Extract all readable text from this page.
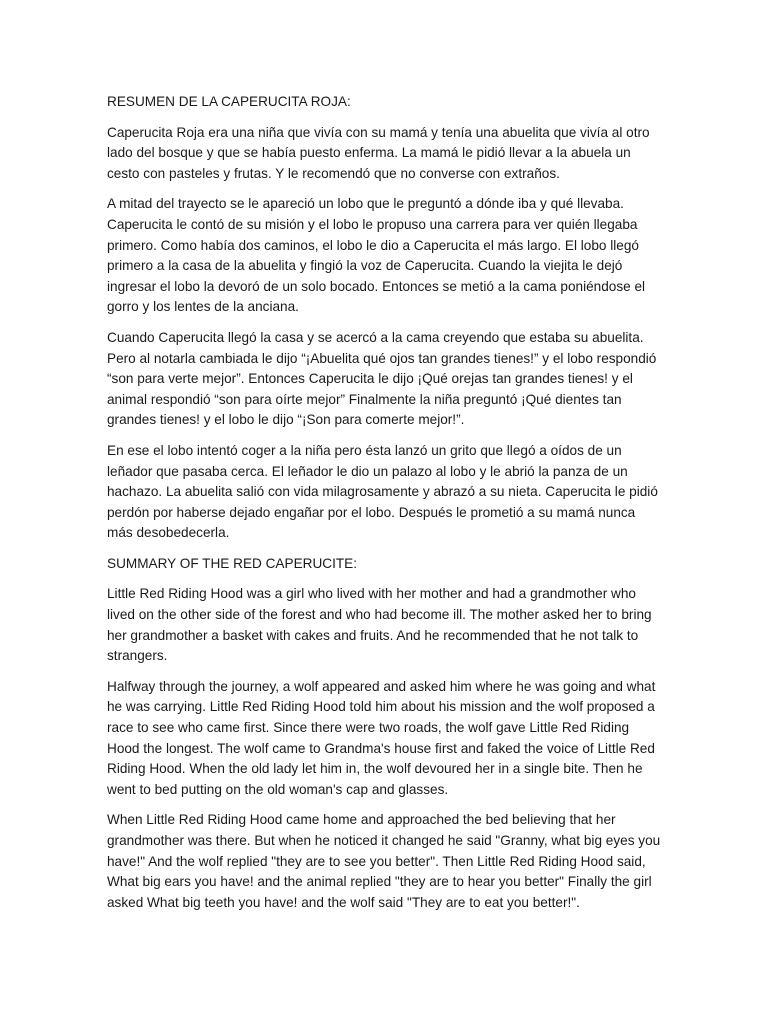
RESUMEN DE LA CAPERUCITA ROJA:

Caperucita Roja era una niña que vivía con su mamá y tenía una abuelita que vivía al otro lado del bosque y que se había puesto enferma. La mamá le pidió llevar a la abuela un cesto con pasteles y frutas. Y le recomendó que no converse con extraños.

A mitad del trayecto se le apareció un lobo que le preguntó a dónde iba y qué llevaba. Caperucita le contó de su misión y el lobo le propuso una carrera para ver quién llegaba primero. Como había dos caminos, el lobo le dio a Caperucita el más largo. El lobo llegó primero a la casa de la abuelita y fingió la voz de Caperucita. Cuando la viejita le dejó ingresar el lobo la devoró de un solo bocado. Entonces se metió a la cama poniéndose el gorro y los lentes de la anciana.

Cuando Caperucita llegó la casa y se acercó a la cama creyendo que estaba su abuelita. Pero al notarla cambiada le dijo “¡Abuelita qué ojos tan grandes tienes!” y el lobo respondió “son para verte mejor”. Entonces Caperucita le dijo ¡Qué orejas tan grandes tienes! y el animal respondió “son para oírte mejor” Finalmente la niña preguntó ¡Qué dientes tan grandes tienes! y el lobo le dijo “¡Son para comerte mejor!”.

En ese el lobo intentó coger a la niña pero ésta lanzó un grito que llegó a oídos de un leñador que pasaba cerca. El leñador le dio un palazo al lobo y le abrió la panza de un hachazo. La abuelita salió con vida milagrosamente y abrazó a su nieta. Caperucita le pidió perdón por haberse dejado engañar por el lobo. Después le prometió a su mamá nunca más desobedecerla.

SUMMARY OF THE RED CAPERUCITE:

Little Red Riding Hood was a girl who lived with her mother and had a grandmother who lived on the other side of the forest and who had become ill. The mother asked her to bring her grandmother a basket with cakes and fruits. And he recommended that he not talk to strangers.

Halfway through the journey, a wolf appeared and asked him where he was going and what he was carrying. Little Red Riding Hood told him about his mission and the wolf proposed a race to see who came first. Since there were two roads, the wolf gave Little Red Riding Hood the longest. The wolf came to Grandma's house first and faked the voice of Little Red Riding Hood. When the old lady let him in, the wolf devoured her in a single bite. Then he went to bed putting on the old woman's cap and glasses.

When Little Red Riding Hood came home and approached the bed believing that her grandmother was there. But when he noticed it changed he said "Granny, what big eyes you have!" And the wolf replied "they are to see you better". Then Little Red Riding Hood said, What big ears you have! and the animal replied "they are to hear you better" Finally the girl asked What big teeth you have! and the wolf said "They are to eat you better!".
